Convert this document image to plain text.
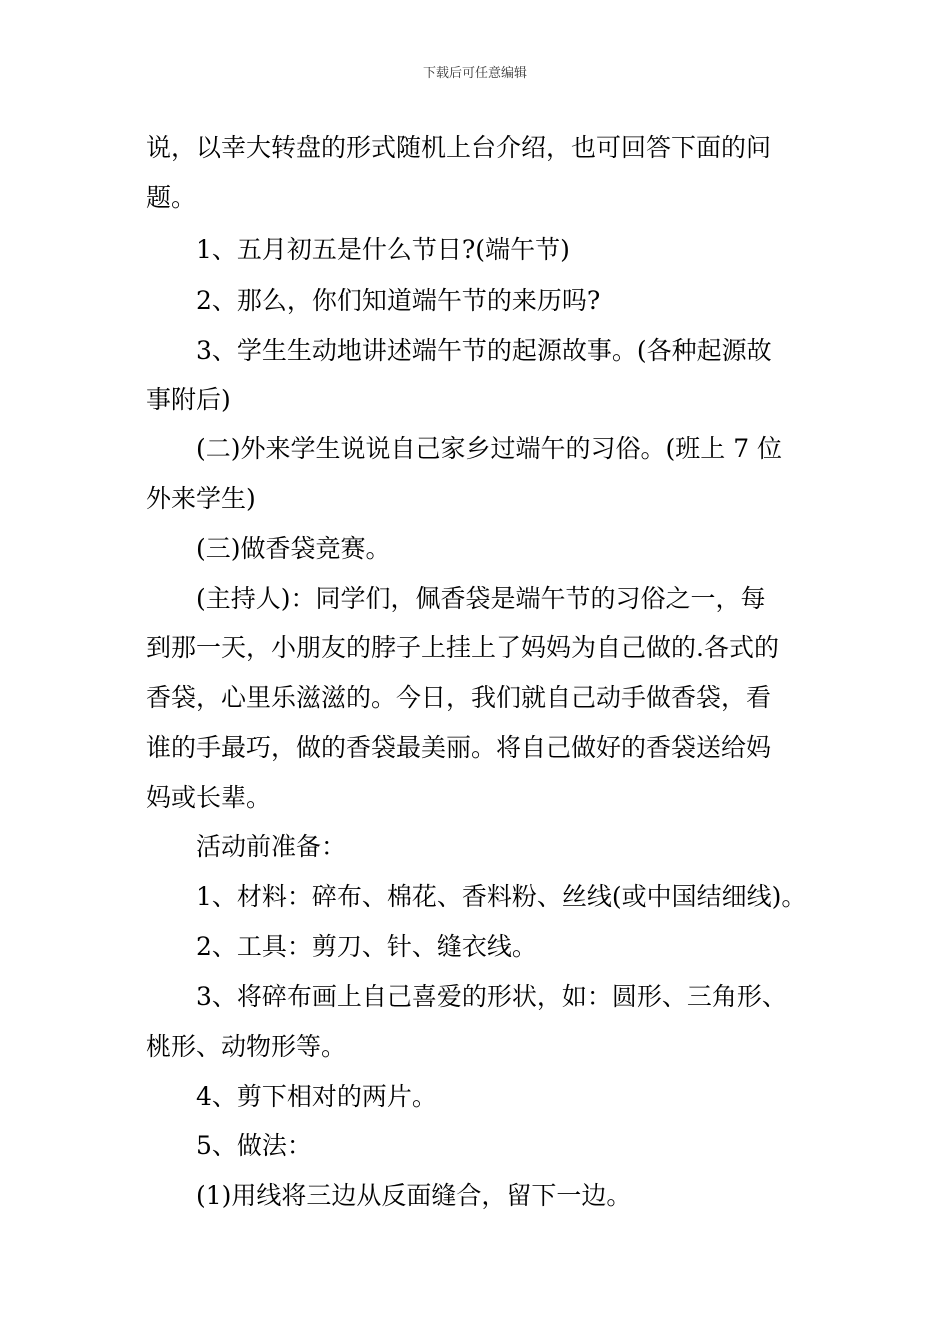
下载后可任意编辑
说，以幸大转盘的形式随机上台介绍，也可回答下面的问
题。
1、五月初五是什么节日?(端午节)
2、那么，你们知道端午节的来历吗?
3、学生生动地讲述端午节的起源故事。(各种起源故
事附后)
(二)外来学生说说自己家乡过端午的习俗。(班上 7 位
外来学生)
(三)做香袋竞赛。
(主持人)：同学们，佩香袋是端午节的习俗之一，每
到那一天，小朋友的脖子上挂上了妈妈为自己做的.各式的
香袋，心里乐滋滋的。今日，我们就自己动手做香袋，看
谁的手最巧，做的香袋最美丽。将自己做好的香袋送给妈
妈或长辈。
活动前准备：
1、材料：碎布、棉花、香料粉、丝线(或中国结细线)。
2、工具：剪刀、针、缝衣线。
3、将碎布画上自己喜爱的形状，如：圆形、三角形、
桃形、动物形等。
4、剪下相对的两片。
5、做法：
(1)用线将三边从反面缝合，留下一边。
